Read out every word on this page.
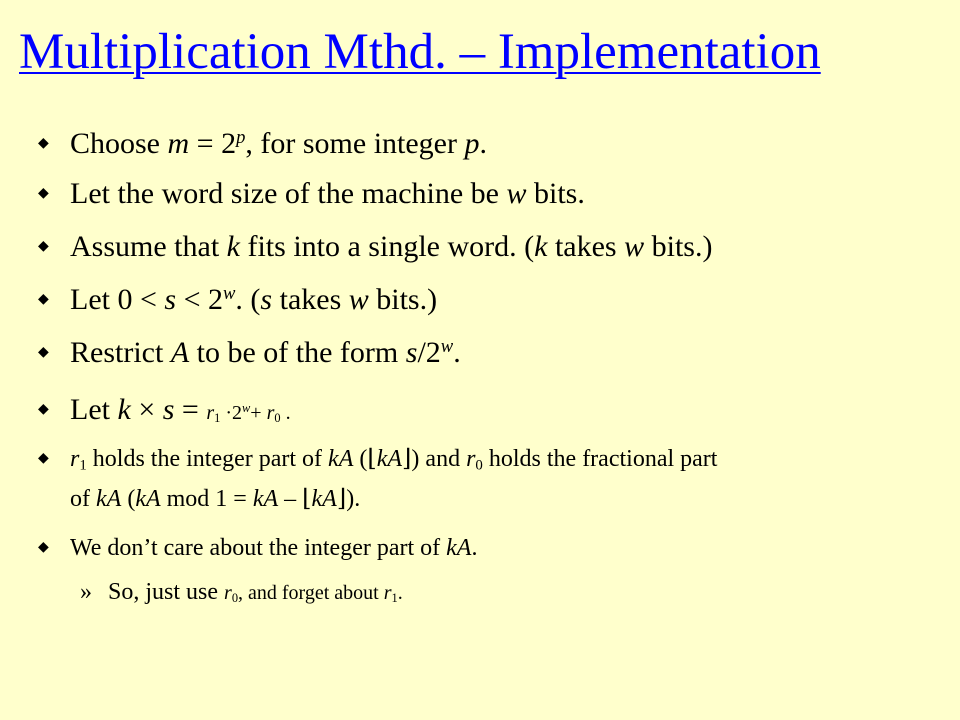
Multiplication Mthd. – Implementation
◆ Choose $m = 2^p$, for some integer p.
◆ Let the word size of the machine be w bits.
◆ Assume that k fits into a single word. (k takes w bits.)
◆ Let $0 < s < 2^w$. (s takes w bits.)
◆ Restrict A to be of the form s/2$^w$.
◆ Let $k \times s = r_1 \cdot 2^w+ r_0$ .
◆ $r_1$ holds the integer part of kA (⌊kA⌋) and $r_0$ holds the fractional part
of kA (kA mod 1 = kA – ⌊kA⌋).
◆ We don’t care about the integer part of kA.
» So, just use $r_0$, and forget about $r_1$.
